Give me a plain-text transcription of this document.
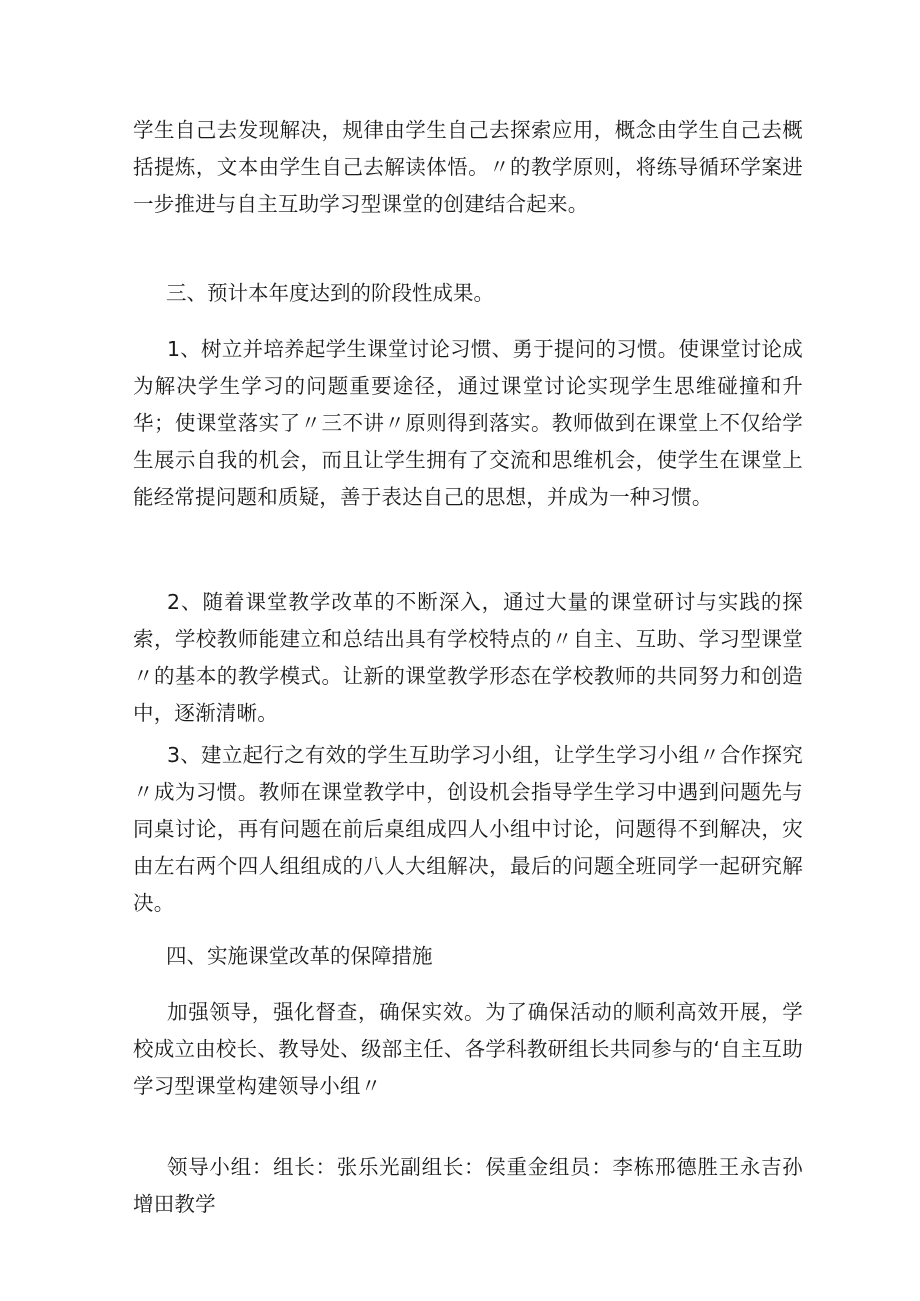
学生自己去发现解决，规律由学生自己去探索应用，概念由学生自己去概括提炼，文本由学生自己去解读体悟。〃的教学原则，将练导循环学案进一步推进与自主互助学习型课堂的创建结合起来。

三、预计本年度达到的阶段性成果。

1、树立并培养起学生课堂讨论习惯、勇于提问的习惯。使课堂讨论成为解决学生学习的问题重要途径，通过课堂讨论实现学生思维碰撞和升华；使课堂落实了〃三不讲〃原则得到落实。教师做到在课堂上不仅给学生展示自我的机会，而且让学生拥有了交流和思维机会，使学生在课堂上能经常提问题和质疑，善于表达自己的思想，并成为一种习惯。

2、随着课堂教学改革的不断深入，通过大量的课堂研讨与实践的探索，学校教师能建立和总结出具有学校特点的〃自主、互助、学习型课堂〃的基本的教学模式。让新的课堂教学形态在学校教师的共同努力和创造中，逐渐清晰。

3、建立起行之有效的学生互助学习小组，让学生学习小组〃合作探究〃成为习惯。教师在课堂教学中，创设机会指导学生学习中遇到问题先与同桌讨论，再有问题在前后桌组成四人小组中讨论，问题得不到解决，灾由左右两个四人组组成的八人大组解决，最后的问题全班同学一起研究解决。

四、实施课堂改革的保障措施

加强领导，强化督查，确保实效。为了确保活动的顺利高效开展，学校成立由校长、教导处、级部主任、各学科教研组长共同参与的‘自主互助学习型课堂构建领导小组〃

领导小组：组长：张乐光副组长：侯重金组员：李栋邢德胜王永吉孙增田教学
